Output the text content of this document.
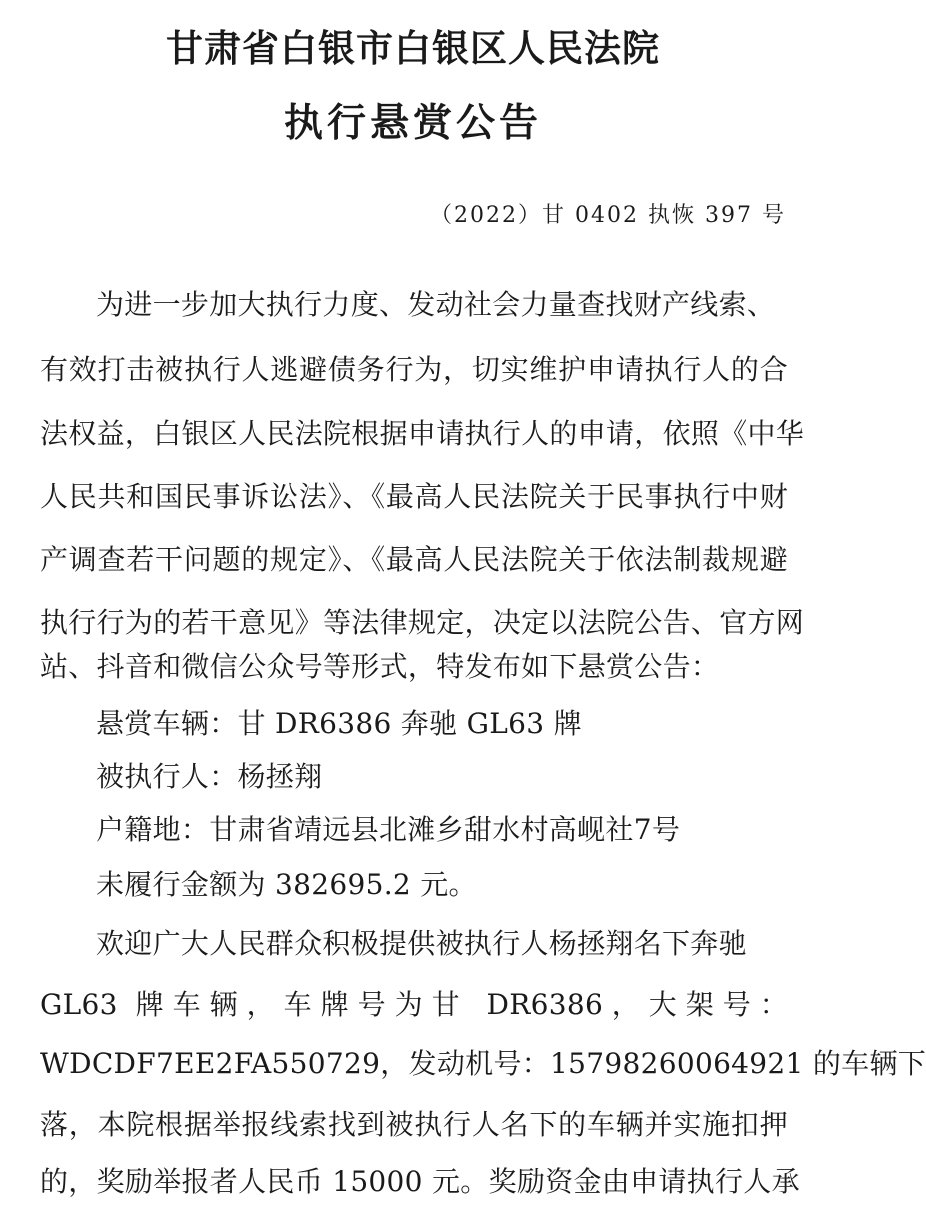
甘肃省白银市白银区人民法院
执行悬赏公告
（2022）甘 0402 执恢 397 号
为进一步加大执行力度、发动社会力量查找财产线索、
有效打击被执行人逃避债务行为，切实维护申请执行人的合
法权益，白银区人民法院根据申请执行人的申请，依照《中华
人民共和国民事诉讼法》、《最高人民法院关于民事执行中财
产调查若干问题的规定》、《最高人民法院关于依法制裁规避
执行行为的若干意见》等法律规定，决定以法院公告、官方网
站、抖音和微信公众号等形式，特发布如下悬赏公告：
悬赏车辆：甘 DR6386 奔驰 GL63 牌
被执行人：杨拯翔
户籍地：甘肃省靖远县北滩乡甜水村高岘社7号
未履行金额为 382695.2 元。
欢迎广大人民群众积极提供被执行人杨拯翔名下奔驰
GL63 牌车辆，车牌号为甘 DR6386，大架号：
WDCDF7EE2FA550729，发动机号：15798260064921 的车辆下
落，本院根据举报线索找到被执行人名下的车辆并实施扣押
的，奖励举报者人民币 15000 元。奖励资金由申请执行人承
